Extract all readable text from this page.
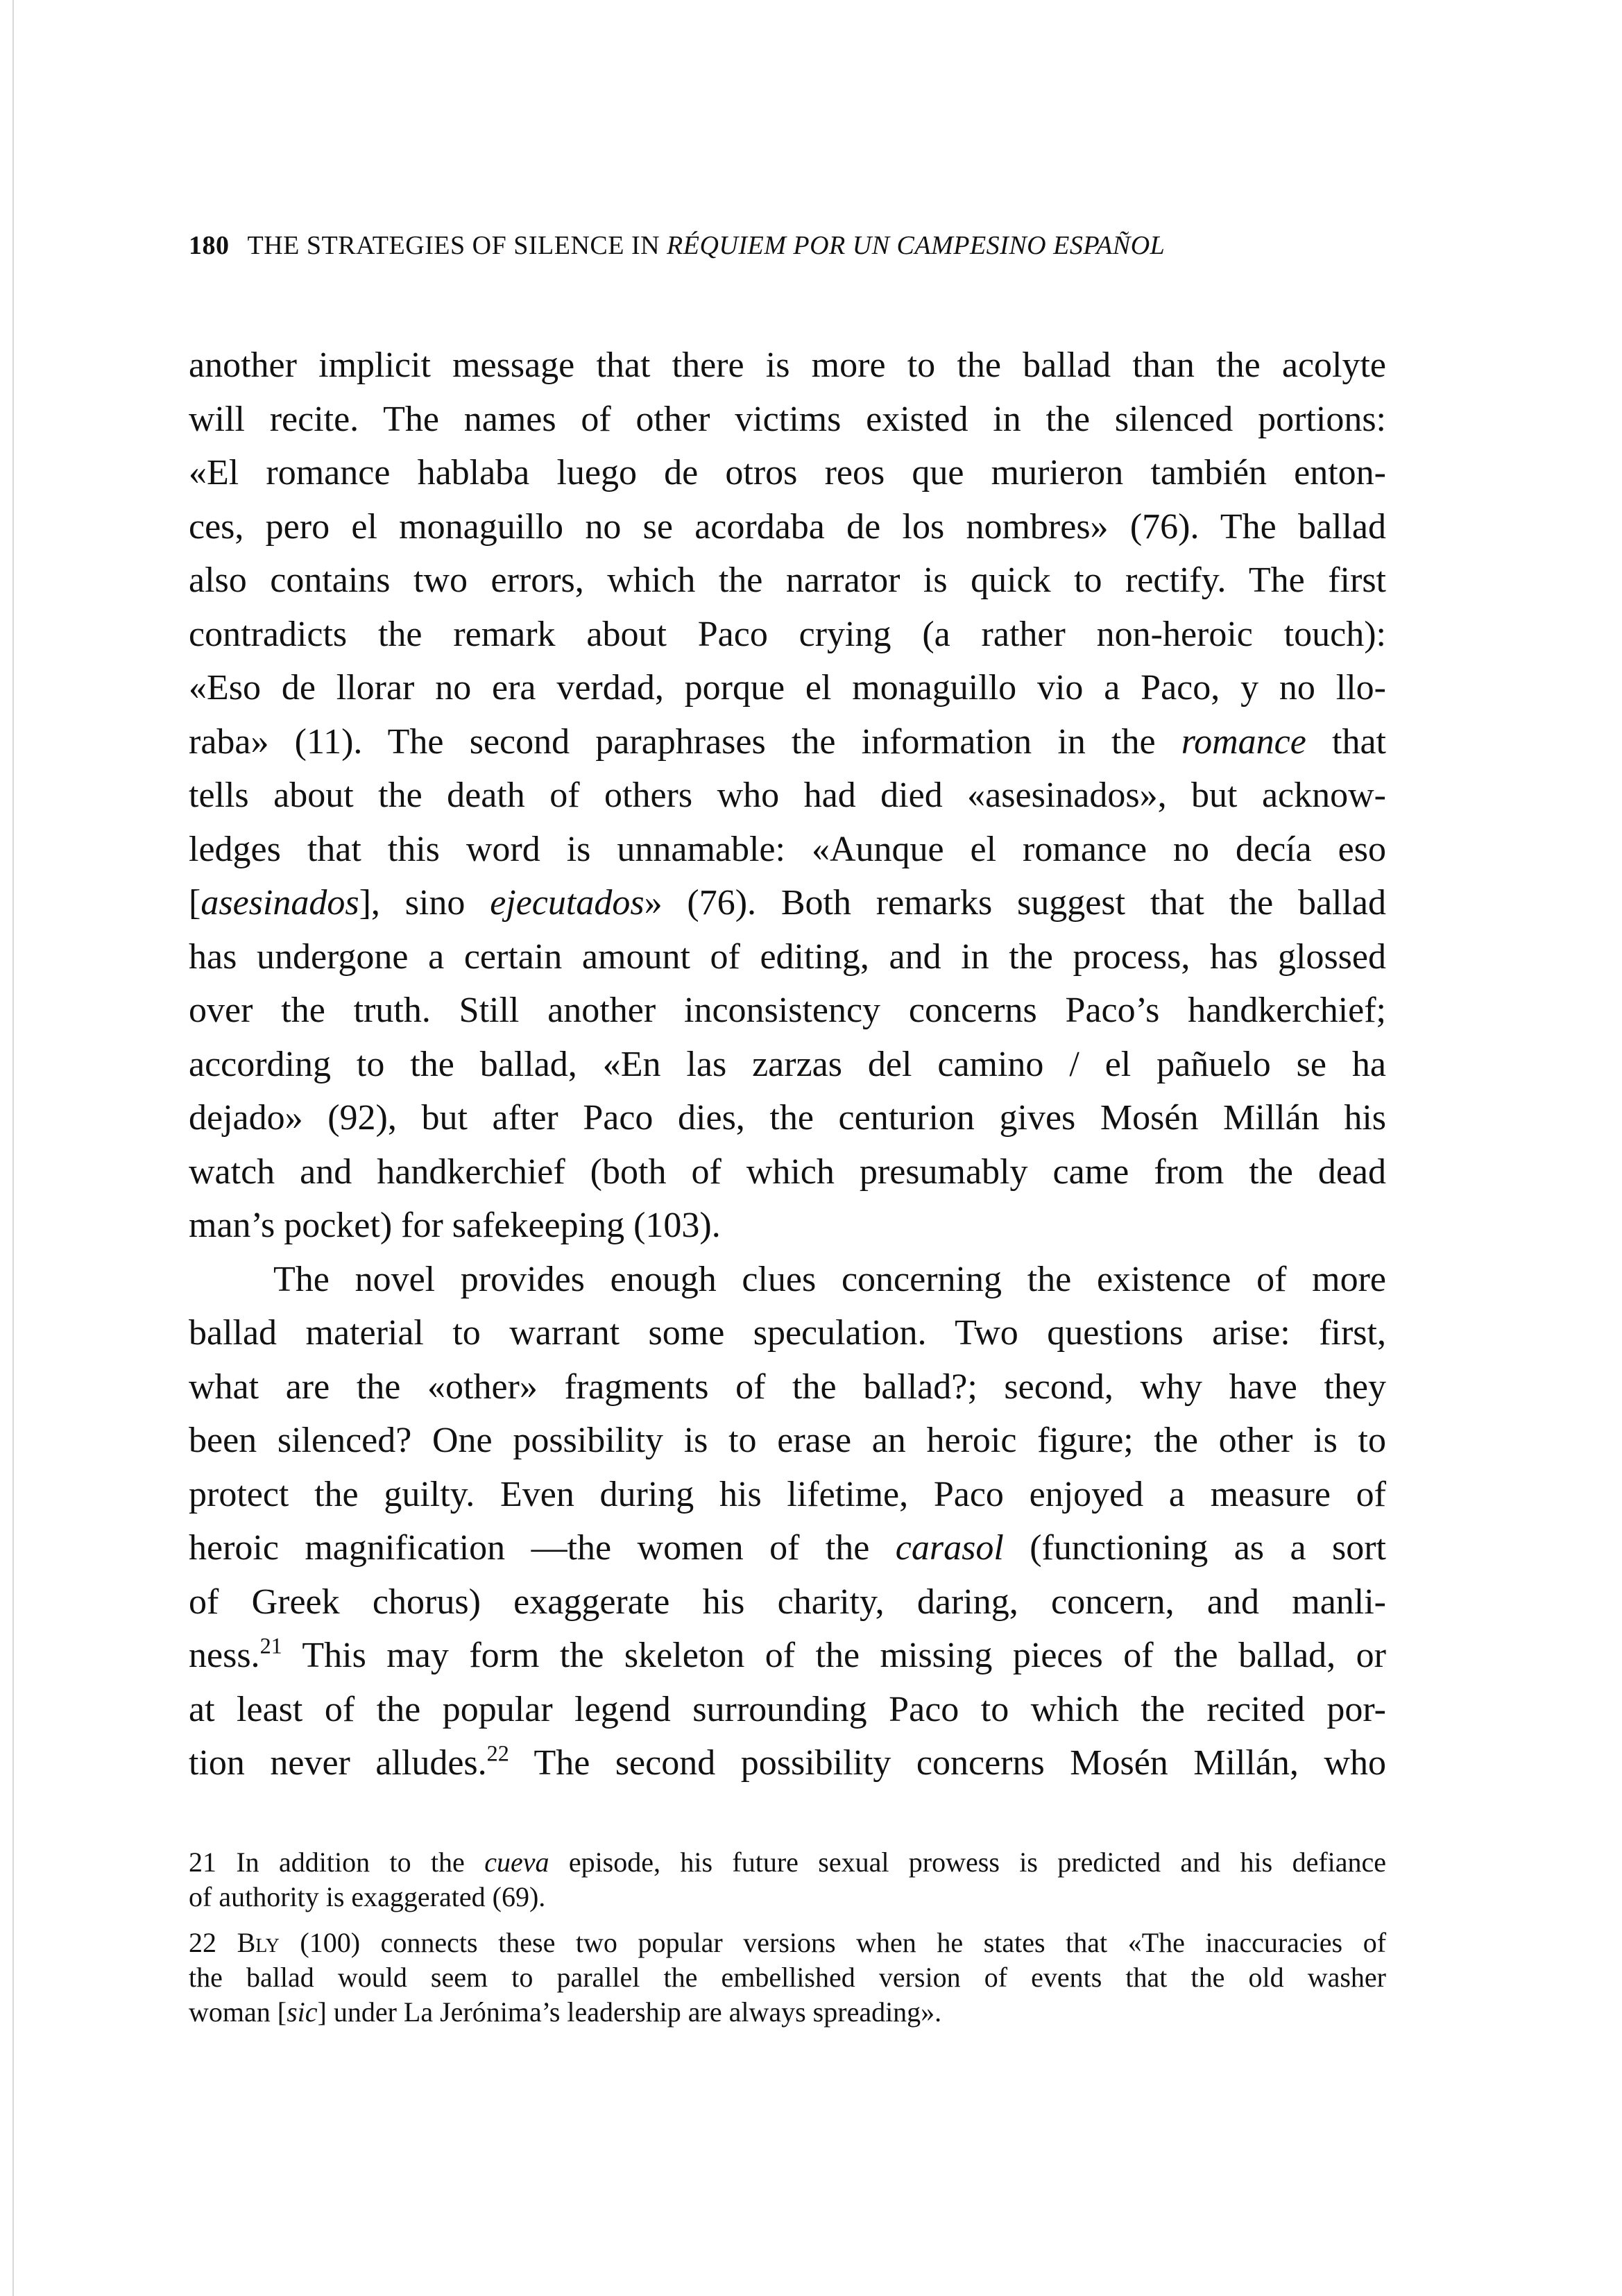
180 THE STRATEGIES OF SILENCE IN RÉQUIEM POR UN CAMPESINO ESPAÑOL
another implicit message that there is more to the ballad than the acolyte
will recite. The names of other victims existed in the silenced portions:
«El romance hablaba luego de otros reos que murieron también enton-
ces, pero el monaguillo no se acordaba de los nombres» (76). The ballad
also contains two errors, which the narrator is quick to rectify. The first
contradicts the remark about Paco crying (a rather non-heroic touch):
«Eso de llorar no era verdad, porque el monaguillo vio a Paco, y no llo-
raba» (11). The second paraphrases the information in the romance that
tells about the death of others who had died «asesinados», but acknow-
ledges that this word is unnamable: «Aunque el romance no decía eso
[asesinados], sino ejecutados» (76). Both remarks suggest that the ballad
has undergone a certain amount of editing, and in the process, has glossed
over the truth. Still another inconsistency concerns Paco’s handkerchief;
according to the ballad, «En las zarzas del camino / el pañuelo se ha
dejado» (92), but after Paco dies, the centurion gives Mosén Millán his
watch and handkerchief (both of which presumably came from the dead
man’s pocket) for safekeeping (103).
The novel provides enough clues concerning the existence of more
ballad material to warrant some speculation. Two questions arise: first,
what are the «other» fragments of the ballad?; second, why have they
been silenced? One possibility is to erase an heroic figure; the other is to
protect the guilty. Even during his lifetime, Paco enjoyed a measure of
heroic magnification —the women of the carasol (functioning as a sort
of Greek chorus) exaggerate his charity, daring, concern, and manli-
ness.$^{21}$ This may form the skeleton of the missing pieces of the ballad, or
at least of the popular legend surrounding Paco to which the recited por-
tion never alludes.$^{22}$ The second possibility concerns Mosén Millán, who
21 In addition to the cueva episode, his future sexual prowess is predicted and his defiance
of authority is exaggerated (69).
22 Bly (100) connects these two popular versions when he states that «The inaccuracies of
the ballad would seem to parallel the embellished version of events that the old washer
woman [sic] under La Jerónima’s leadership are always spreading».
